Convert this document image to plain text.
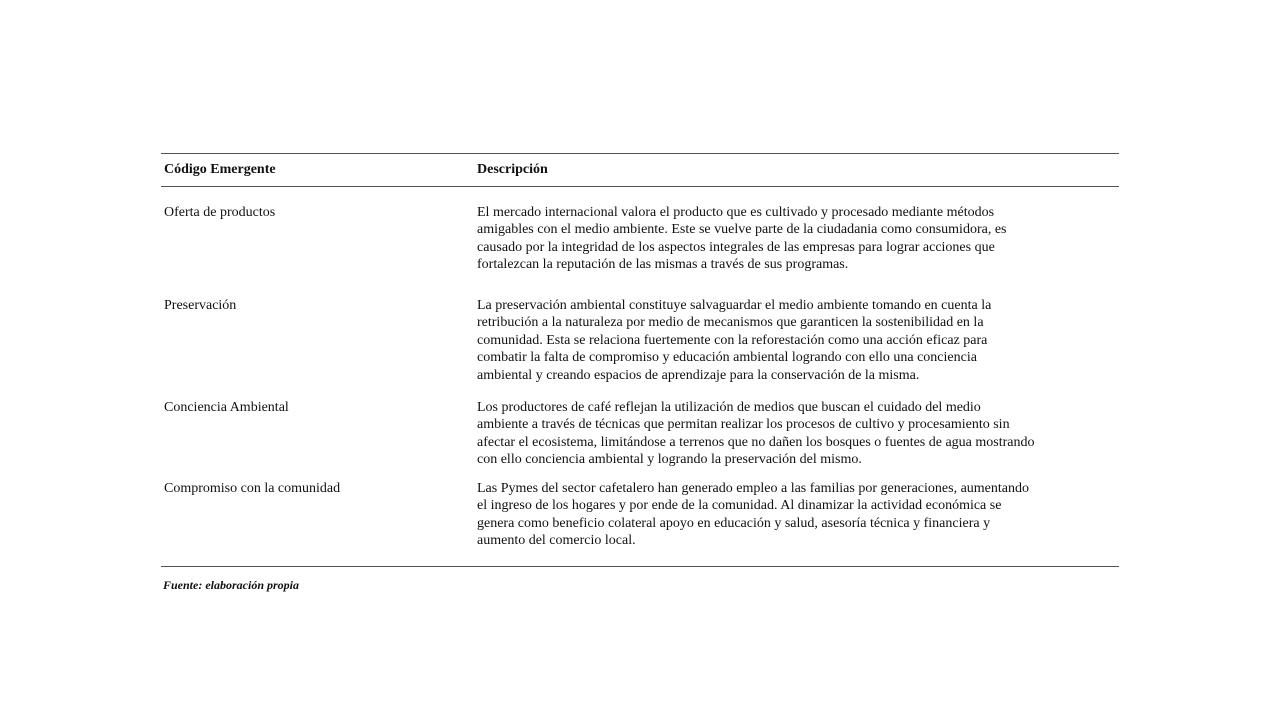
Código Emergente	Descripción
Oferta de productos	El mercado internacional valora el producto que es cultivado y procesado mediante métodos
amigables con el medio ambiente. Este se vuelve parte de la ciudadania como consumidora, es
causado por la integridad de los aspectos integrales de las empresas para lograr acciones que
fortalezcan la reputación de las mismas a través de sus programas.
Preservación	La preservación ambiental constituye salvaguardar el medio ambiente tomando en cuenta la
retribución a la naturaleza por medio de mecanismos que garanticen la sostenibilidad en la
comunidad. Esta se relaciona fuertemente con la reforestación como una acción eficaz para
combatir la falta de compromiso y educación ambiental logrando con ello una conciencia
ambiental y creando espacios de aprendizaje para la conservación de la misma.
Conciencia Ambiental	Los productores de café reflejan la utilización de medios que buscan el cuidado del medio
ambiente a través de técnicas que permitan realizar los procesos de cultivo y procesamiento sin
afectar el ecosistema, limitándose a terrenos que no dañen los bosques o fuentes de agua mostrando
con ello conciencia ambiental y logrando la preservación del mismo.
Compromiso con la comunidad	Las Pymes del sector cafetalero han generado empleo a las familias por generaciones, aumentando
el ingreso de los hogares y por ende de la comunidad. Al dinamizar la actividad económica se
genera como beneficio colateral apoyo en educación y salud, asesoría técnica y financiera y
aumento del comercio local.
Fuente: elaboración propia
